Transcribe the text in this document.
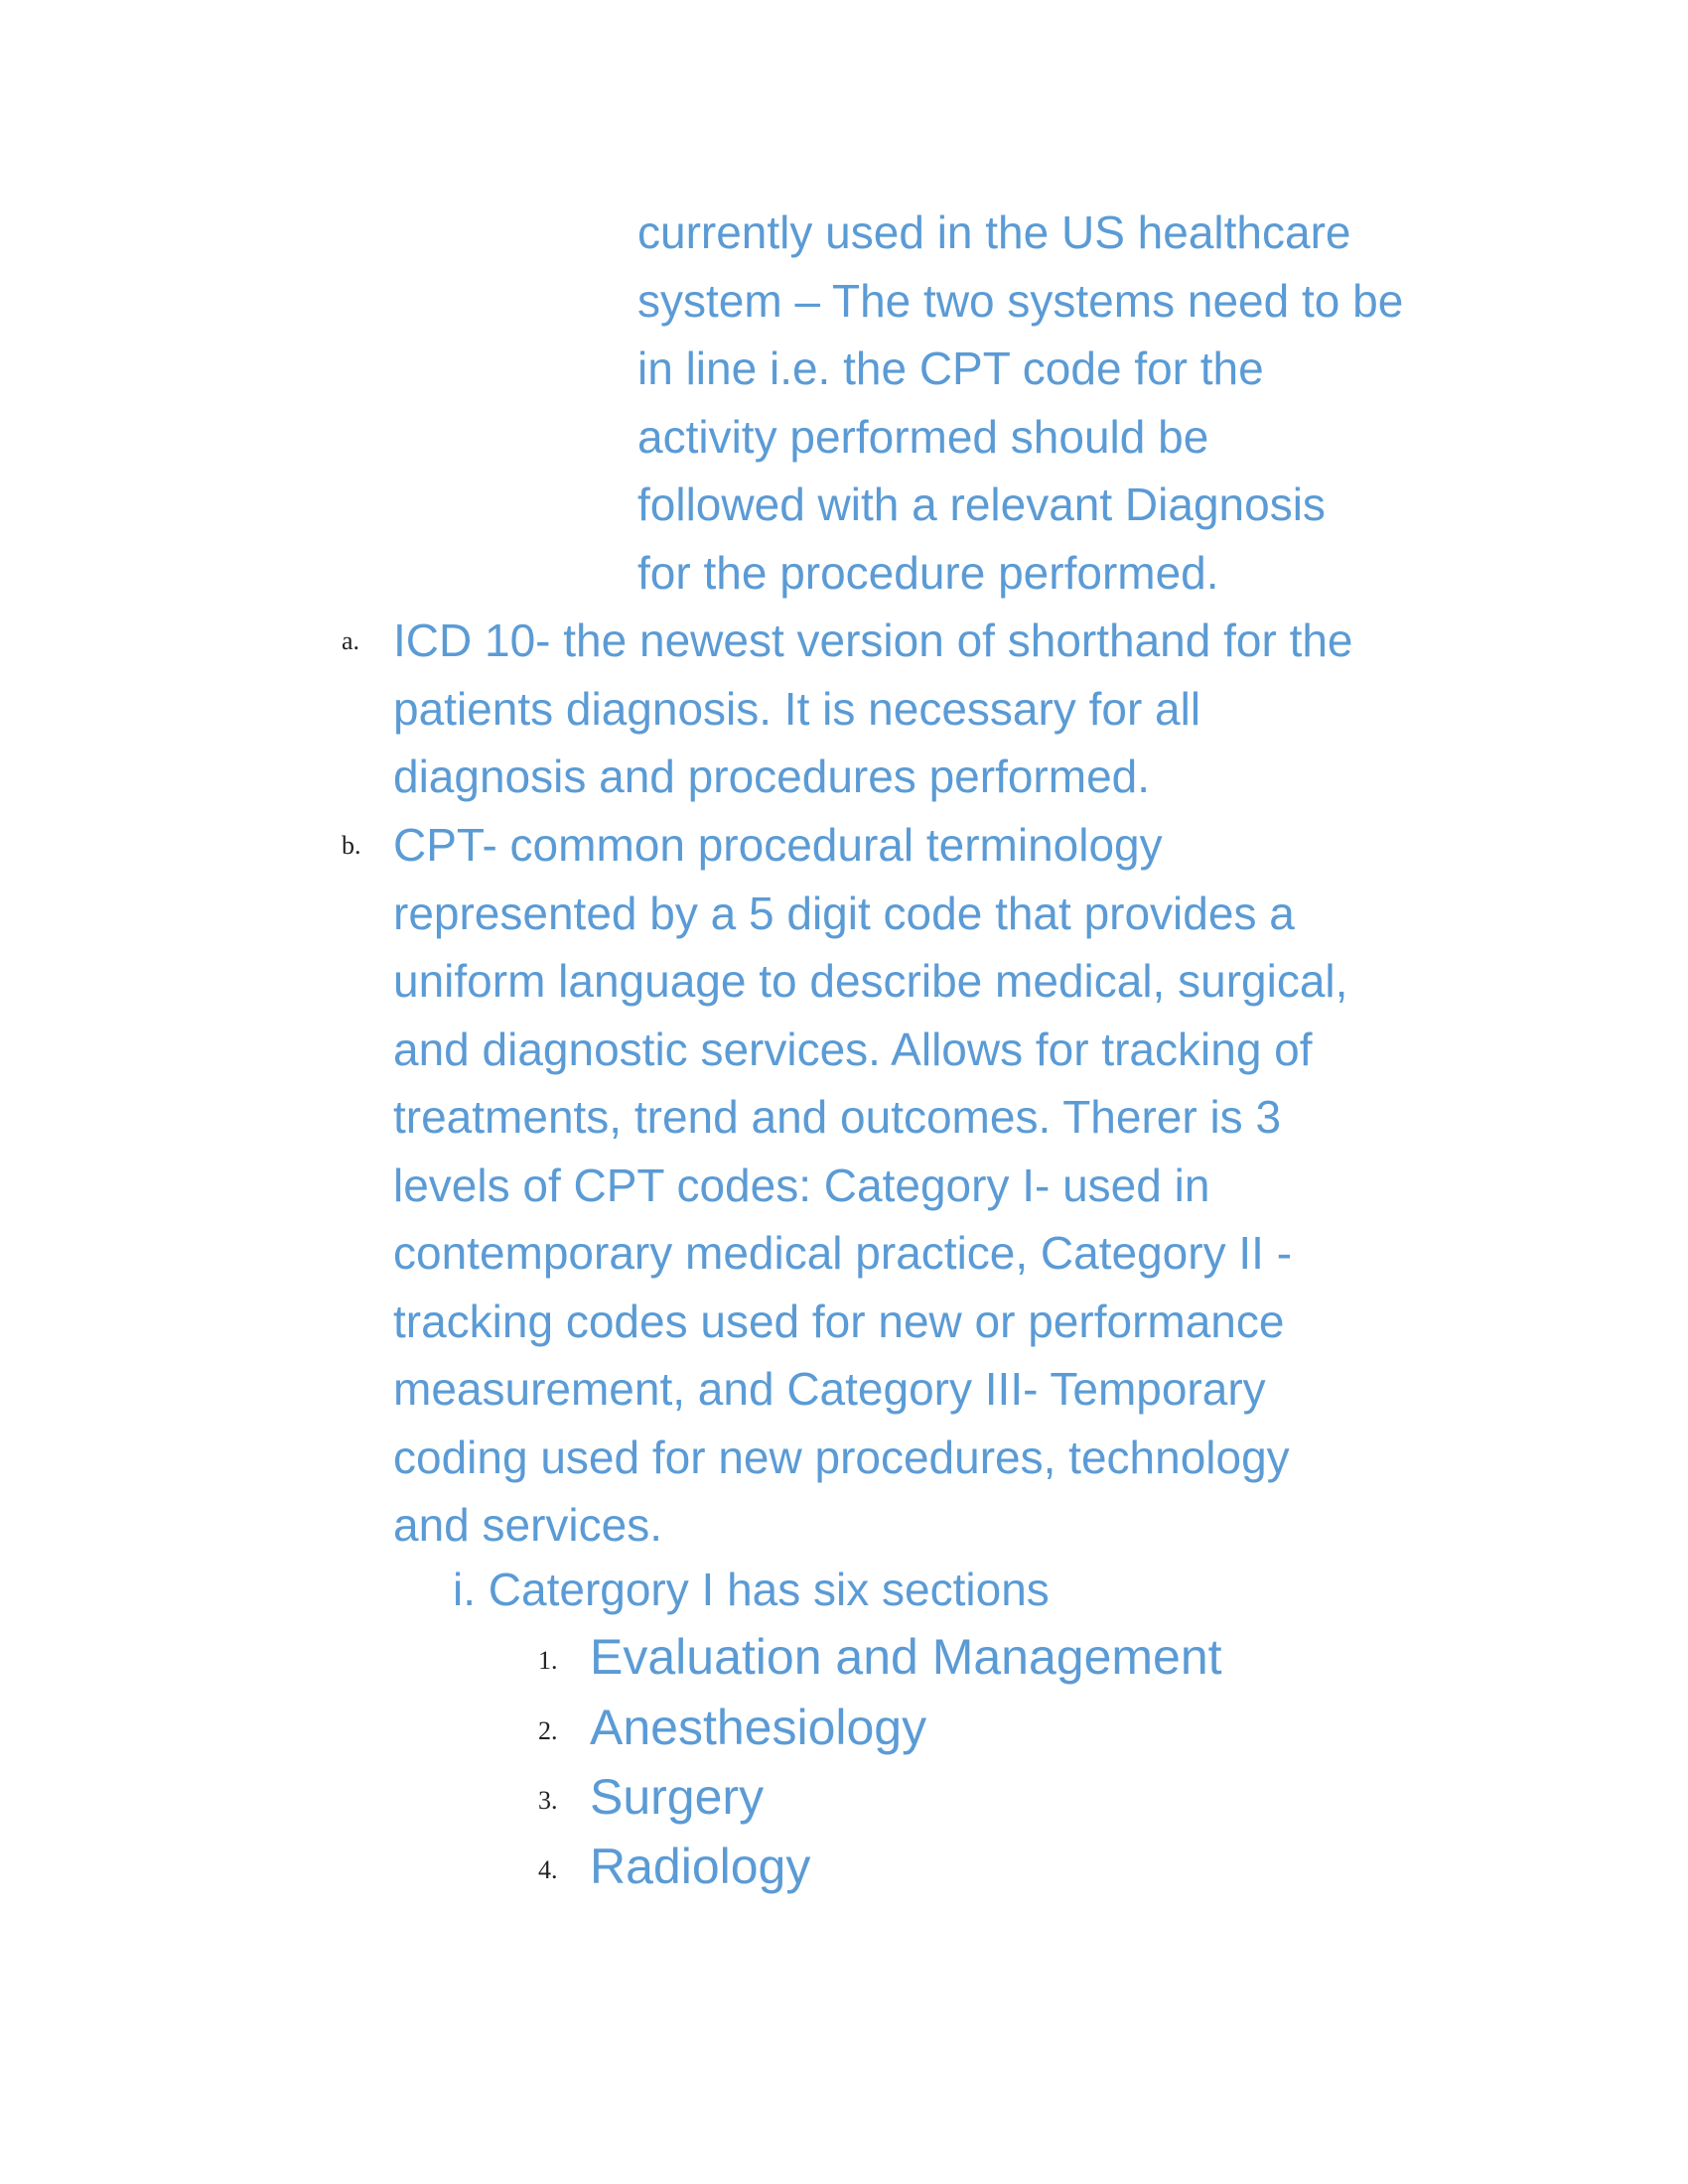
currently used in the US healthcare
system – The two systems need to be
in line i.e. the CPT code for the
activity performed should be
followed with a relevant Diagnosis
for the procedure performed.
a. ICD 10- the newest version of shorthand for the
patients diagnosis. It is necessary for all
diagnosis and procedures performed.
b. CPT- common procedural terminology
represented by a 5 digit code that provides a
uniform language to describe medical, surgical,
and diagnostic services. Allows for tracking of
treatments, trend and outcomes. Therer is 3
levels of CPT codes: Category I- used in
contemporary medical practice, Category II -
tracking codes used for new or performance
measurement, and Category III- Temporary
coding used for new procedures, technology
and services.
i. Catergory I has six sections
1. Evaluation and Management
2. Anesthesiology
3. Surgery
4. Radiology
